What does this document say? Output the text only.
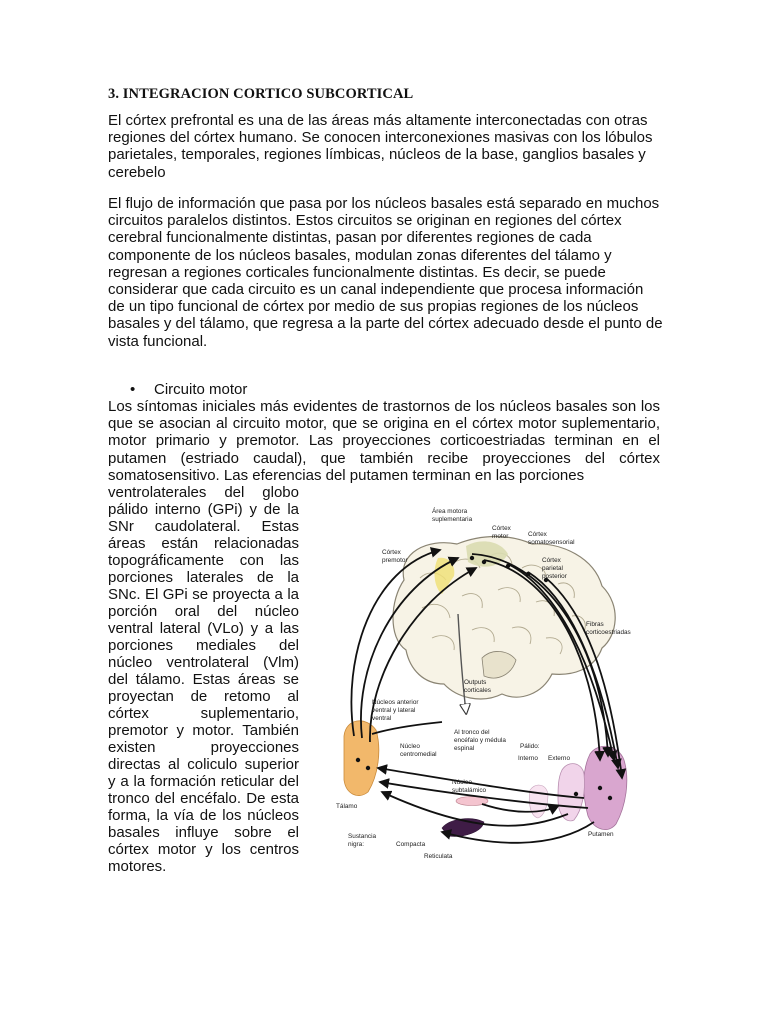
3. INTEGRACION CORTICO SUBCORTICAL

El córtex prefrontal es una de las áreas más altamente interconectadas con otras regiones del córtex humano. Se conocen interconexiones masivas con los lóbulos parietales, temporales, regiones límbicas, núcleos de la base, ganglios basales y cerebelo

El flujo de información que pasa por los núcleos basales está separado en muchos circuitos paralelos distintos. Estos circuitos se originan en regiones del córtex cerebral funcionalmente distintas, pasan por diferentes regiones de cada componente de los núcleos basales, modulan zonas diferentes del tálamo y regresan a regiones corticales funcionalmente distintas. Es decir, se puede considerar que cada circuito es un canal independiente que procesa información de un tipo funcional de córtex por medio de sus propias regiones de los núcleos basales y del tálamo, que regresa a la parte del córtex adecuado desde el punto de vista funcional.

• Circuito motor

Los síntomas iniciales más evidentes de trastornos de los núcleos basales son los que se asocian al circuito motor, que se origina en el córtex motor suplementario, motor primario y premotor. Las proyecciones corticoestriadas terminan en el putamen (estriado caudal), que también recibe proyecciones del córtex somatosensitivo. Las eferencias del putamen terminan en las porciones

ventrolaterales del globo pálido interno (GPi) y de la SNr caudolateral. Estas áreas están relacionadas topográficamente con las porciones laterales de la SNc. El GPi se proyecta a la porción oral del núcleo ventral lateral (VLo) y a las porciones mediales del núcleo ventrolateral (Vlm) del tálamo. Estas áreas se proyectan de retomo al córtex suplementario, premotor y motor. También existen proyecciones directas al coliculo superior y a la formación reticular del tronco del encéfalo. De esta forma, la vía de los núcleos basales influye sobre el córtex motor y los centros motores.

Área motora
suplementaria
Córtex
motor	Córtex
somatosensorial
Córtex
premotor	Córtex
parietal
posterior
Fibras
corticoestriadas
Outputs
corticales
Núcleos anterior
ventral y lateral
ventral
Núcleo
centromedial
Al tronco del
encéfalo y médula
espinal	Pálido:
Interno Externo
Núcleo
subtalámico
Tálamo
Putamen
Sustancia
nigra:	Compacta
Reticulata
